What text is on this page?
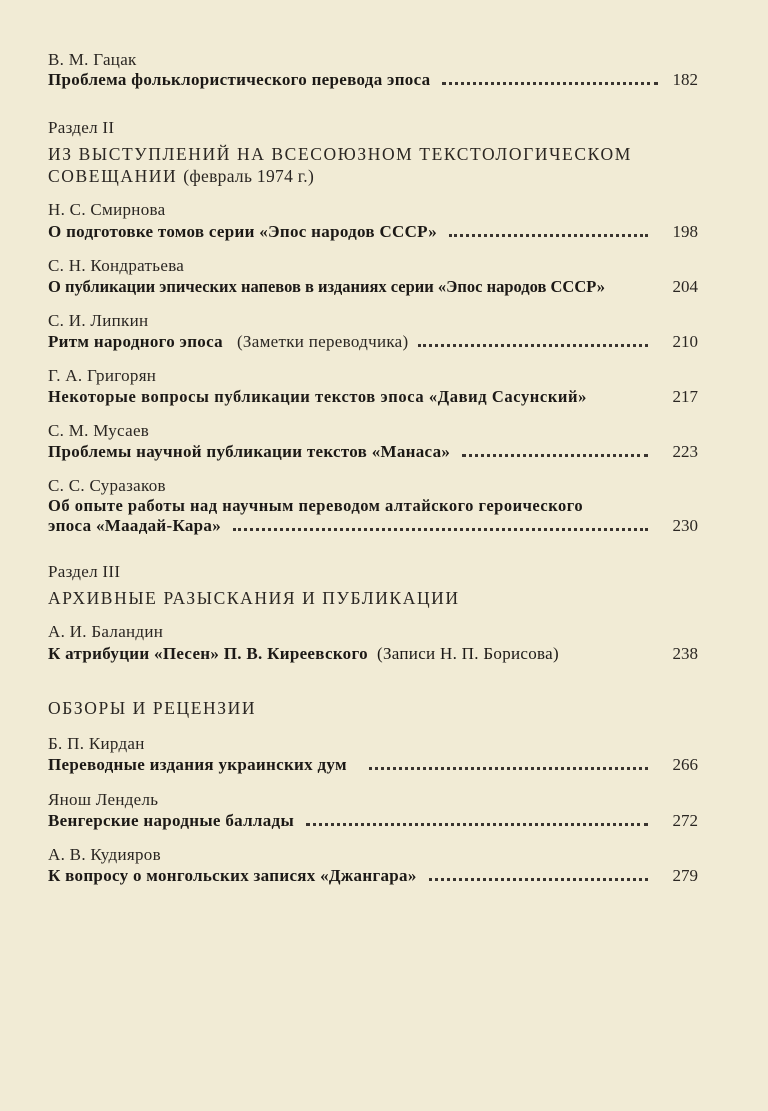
В. М. Гацак
Проблема фольклористического перевода эпоса	182
Раздел II
ИЗ ВЫСТУПЛЕНИЙ НА ВСЕСОЮЗНОМ ТЕКСТОЛОГИЧЕСКОМ
СОВЕЩАНИИ (февраль 1974 г.)
Н. С. Смирнова
О подготовке томов серии «Эпос народов СССР»	198
С. Н. Кондратьева
О публикации эпических напевов в изданиях серии «Эпос народов СССР»	204
С. И. Липкин
Ритм народного эпоса (Заметки переводчика)	210
Г. А. Григорян
Некоторые вопросы публикации текстов эпоса «Давид Сасунский»	217
С. М. Мусаев
Проблемы научной публикации текстов «Манаса»	223
С. С. Суразаков
Об опыте работы над научным переводом алтайского героического
эпоса «Маадай-Кара»	230
Раздел III
АРХИВНЫЕ РАЗЫСКАНИЯ И ПУБЛИКАЦИИ
А. И. Баландин
К атрибуции «Песен» П. В. Киреевского (Записи Н. П. Борисова)	238
ОБЗОРЫ И РЕЦЕНЗИИ
Б. П. Кирдан
Переводные издания украинских дум	266
Янош Лендель
Венгерские народные баллады	272
А. В. Кудияров
К вопросу о монгольских записях «Джангара»	279
